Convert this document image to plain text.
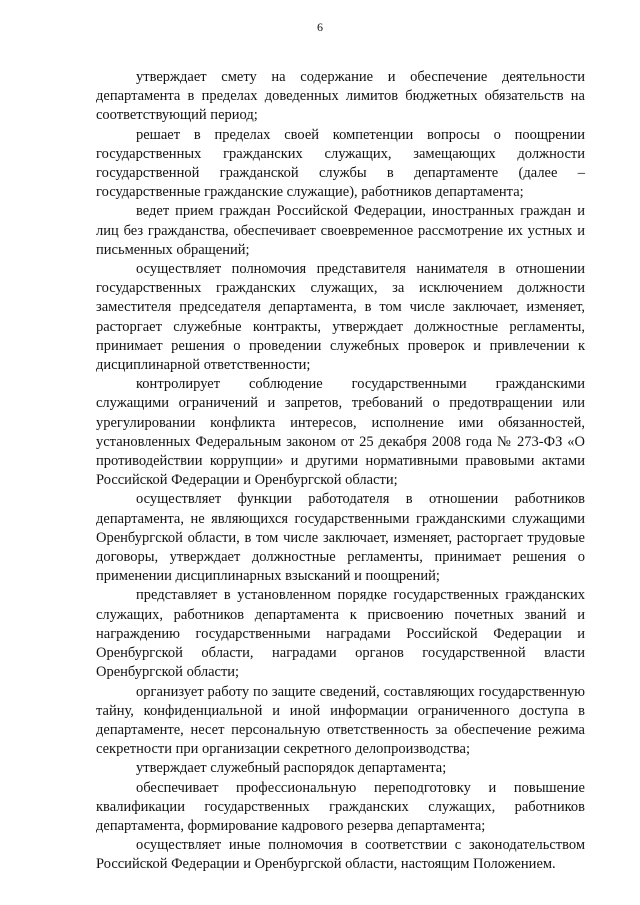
6

утверждает смету на содержание и обеспечение деятельности департамента в пределах доведенных лимитов бюджетных обязательств на соответствующий период;

решает в пределах своей компетенции вопросы о поощрении государственных гражданских служащих, замещающих должности государственной гражданской службы в департаменте (далее – государственные гражданские служащие), работников департамента;

ведет прием граждан Российской Федерации, иностранных граждан и лиц без гражданства, обеспечивает своевременное рассмотрение их устных и письменных обращений;

осуществляет полномочия представителя нанимателя в отношении государственных гражданских служащих, за исключением должности заместителя председателя департамента, в том числе заключает, изменяет, расторгает служебные контракты, утверждает должностные регламенты, принимает решения о проведении служебных проверок и привлечении к дисциплинарной ответственности;

контролирует соблюдение государственными гражданскими служащими ограничений и запретов, требований о предотвращении или урегулировании конфликта интересов, исполнение ими обязанностей, установленных Федеральным законом от 25 декабря 2008 года № 273-ФЗ «О противодействии коррупции» и другими нормативными правовыми актами Российской Федерации и Оренбургской области;

осуществляет функции работодателя в отношении работников департамента, не являющихся государственными гражданскими служащими Оренбургской области, в том числе заключает, изменяет, расторгает трудовые договоры, утверждает должностные регламенты, принимает решения о применении дисциплинарных взысканий и поощрений;

представляет в установленном порядке государственных гражданских служащих, работников департамента к присвоению почетных званий и награждению государственными наградами Российской Федерации и Оренбургской области, наградами органов государственной власти Оренбургской области;

организует работу по защите сведений, составляющих государственную тайну, конфиденциальной и иной информации ограниченного доступа в департаменте, несет персональную ответственность за обеспечение режима секретности при организации секретного делопроизводства;

утверждает служебный распорядок департамента;

обеспечивает профессиональную переподготовку и повышение квалификации государственных гражданских служащих, работников департамента, формирование кадрового резерва департамента;

осуществляет иные полномочия в соответствии с законодательством Российской Федерации и Оренбургской области, настоящим Положением.
